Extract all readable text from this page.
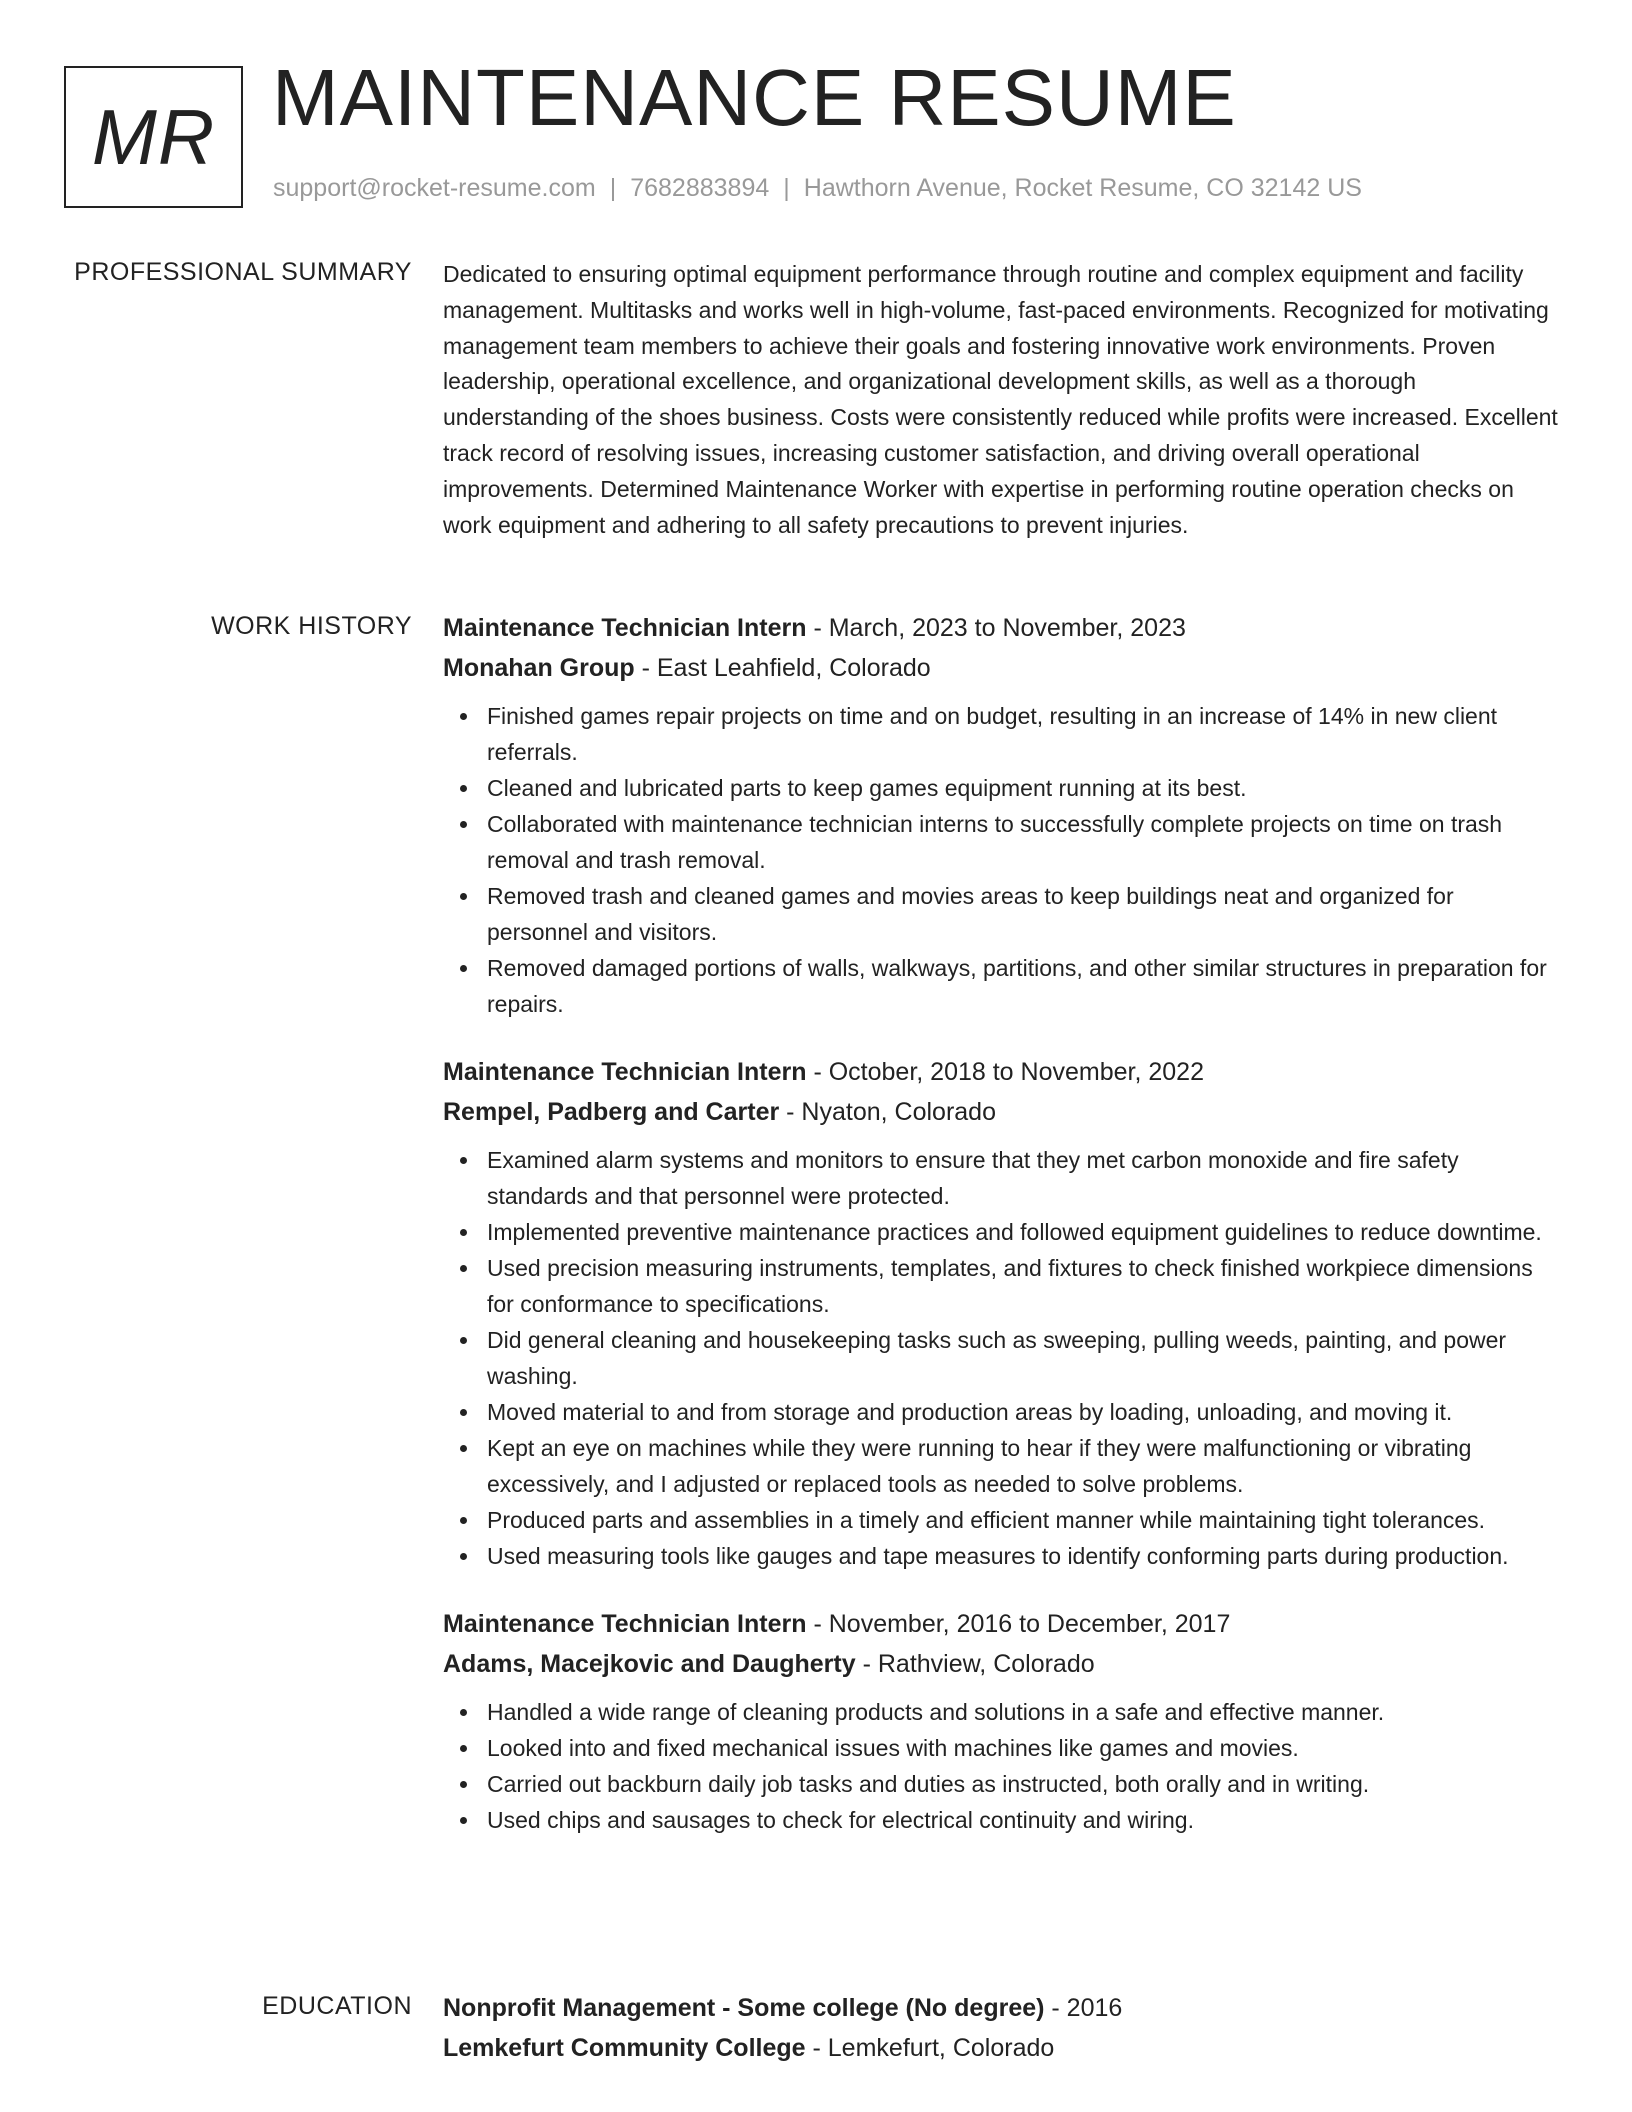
MR MAINTENANCE RESUME
support@rocket-resume.com | 7682883894 | Hawthorn Avenue, Rocket Resume, CO 32142 US
PROFESSIONAL SUMMARY Dedicated to ensuring optimal equipment performance through routine and complex equipment and facility management. Multitasks and works well in high-volume, fast-paced environments. Recognized for motivating management team members to achieve their goals and fostering innovative work environments. Proven leadership, operational excellence, and organizational development skills, as well as a thorough understanding of the shoes business. Costs were consistently reduced while profits were increased. Excellent track record of resolving issues, increasing customer satisfaction, and driving overall operational improvements. Determined Maintenance Worker with expertise in performing routine operation checks on work equipment and adhering to all safety precautions to prevent injuries.
WORK HISTORY Maintenance Technician Intern - March, 2023 to November, 2023
Monahan Group - East Leahfield, Colorado
Finished games repair projects on time and on budget, resulting in an increase of 14% in new client referrals.
Cleaned and lubricated parts to keep games equipment running at its best.
Collaborated with maintenance technician interns to successfully complete projects on time on trash removal and trash removal.
Removed trash and cleaned games and movies areas to keep buildings neat and organized for personnel and visitors.
Removed damaged portions of walls, walkways, partitions, and other similar structures in preparation for repairs.
Maintenance Technician Intern - October, 2018 to November, 2022
Rempel, Padberg and Carter - Nyaton, Colorado
Examined alarm systems and monitors to ensure that they met carbon monoxide and fire safety standards and that personnel were protected.
Implemented preventive maintenance practices and followed equipment guidelines to reduce downtime.
Used precision measuring instruments, templates, and fixtures to check finished workpiece dimensions for conformance to specifications.
Did general cleaning and housekeeping tasks such as sweeping, pulling weeds, painting, and power washing.
Moved material to and from storage and production areas by loading, unloading, and moving it.
Kept an eye on machines while they were running to hear if they were malfunctioning or vibrating excessively, and I adjusted or replaced tools as needed to solve problems.
Produced parts and assemblies in a timely and efficient manner while maintaining tight tolerances.
Used measuring tools like gauges and tape measures to identify conforming parts during production.
Maintenance Technician Intern - November, 2016 to December, 2017
Adams, Macejkovic and Daugherty - Rathview, Colorado
Handled a wide range of cleaning products and solutions in a safe and effective manner.
Looked into and fixed mechanical issues with machines like games and movies.
Carried out backburn daily job tasks and duties as instructed, both orally and in writing.
Used chips and sausages to check for electrical continuity and wiring.
EDUCATION Nonprofit Management - Some college (No degree) - 2016
Lemkefurt Community College - Lemkefurt, Colorado
